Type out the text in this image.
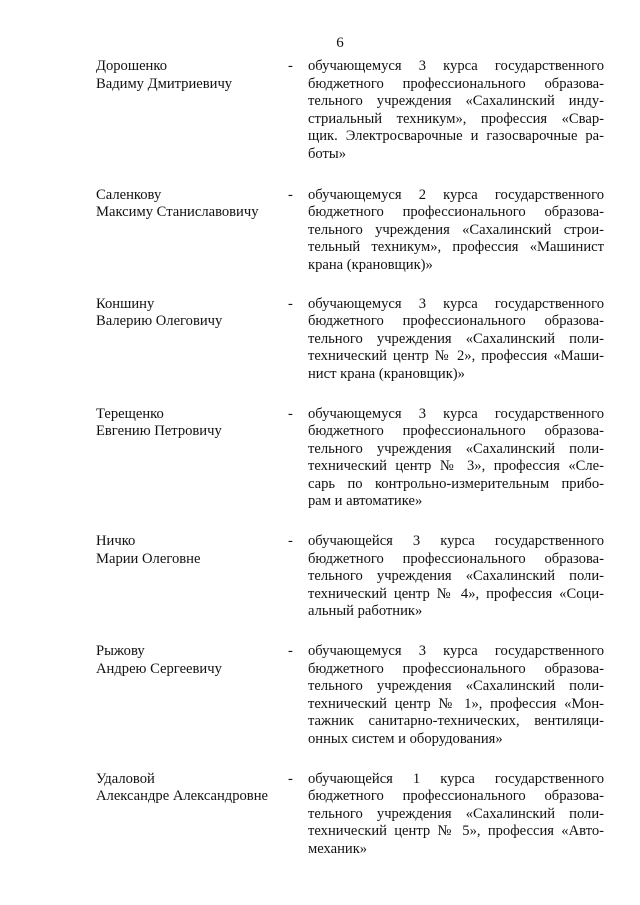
6
Дорошенко
Вадиму Дмитриевичу
-	обучающемуся 3 курса государственного
бюджетного профессионального образова-
тельного учреждения «Сахалинский инду-
стриальный техникум», профессия «Свар-
щик. Электросварочные и газосварочные ра-
боты»
Саленкову
Максиму Станиславовичу
-	обучающемуся 2 курса государственного
бюджетного профессионального образова-
тельного учреждения «Сахалинский строи-
тельный техникум», профессия «Машинист
крана (крановщик)»
Коншину
Валерию Олеговичу
-	обучающемуся 3 курса государственного
бюджетного профессионального образова-
тельного учреждения «Сахалинский поли-
технический центр № 2», профессия «Маши-
нист крана (крановщик)»
Терещенко
Евгению Петровичу
-	обучающемуся 3 курса государственного
бюджетного профессионального образова-
тельного учреждения «Сахалинский поли-
технический центр № 3», профессия «Сле-
сарь по контрольно-измерительным прибо-
рам и автоматике»
Ничко
Марии Олеговне
-	обучающейся 3 курса государственного
бюджетного профессионального образова-
тельного учреждения «Сахалинский поли-
технический центр № 4», профессия «Соци-
альный работник»
Рыжову
Андрею Сергеевичу
-	обучающемуся 3 курса государственного
бюджетного профессионального образова-
тельного учреждения «Сахалинский поли-
технический центр № 1», профессия «Мон-
тажник санитарно-технических, вентиляци-
онных систем и оборудования»
Удаловой
Александре Александровне
-	обучающейся 1 курса государственного
бюджетного профессионального образова-
тельного учреждения «Сахалинский поли-
технический центр № 5», профессия «Авто-
механик»
